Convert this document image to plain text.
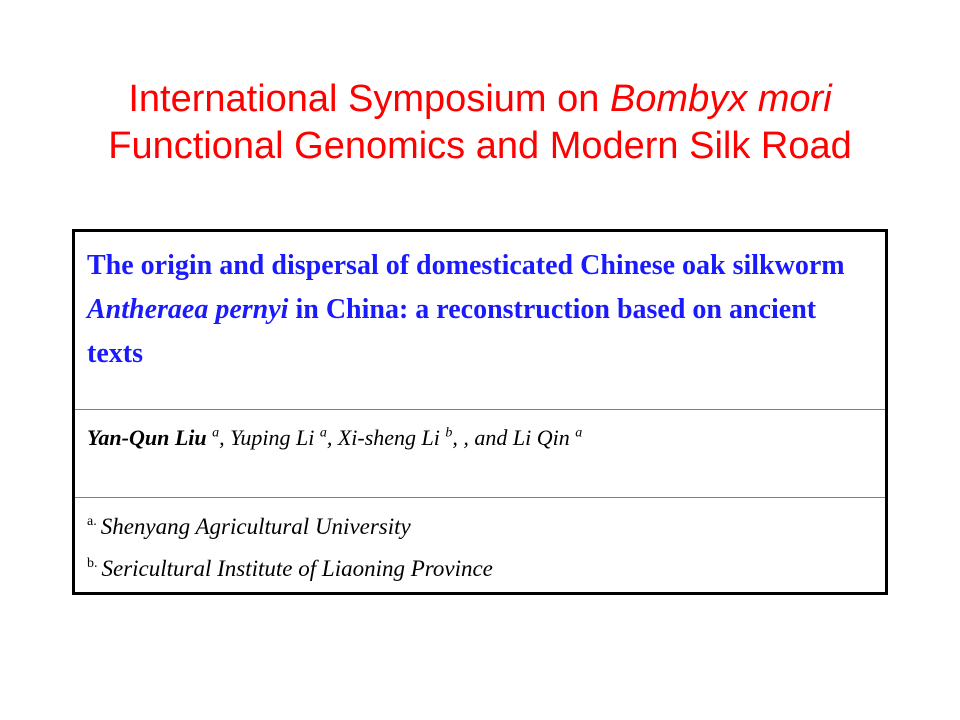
International Symposium on Bombyx mori
Functional Genomics and Modern Silk Road
The origin and dispersal of domesticated Chinese oak silkworm Antheraea pernyi in China: a reconstruction based on ancient texts
Yan-Qun Liu $^a$, Yuping Li $^a$, Xi-sheng Li $^b$, , and Li Qin $^a$
$^{a.}$ Shenyang Agricultural University
$^{b.}$ Sericultural Institute of Liaoning Province
